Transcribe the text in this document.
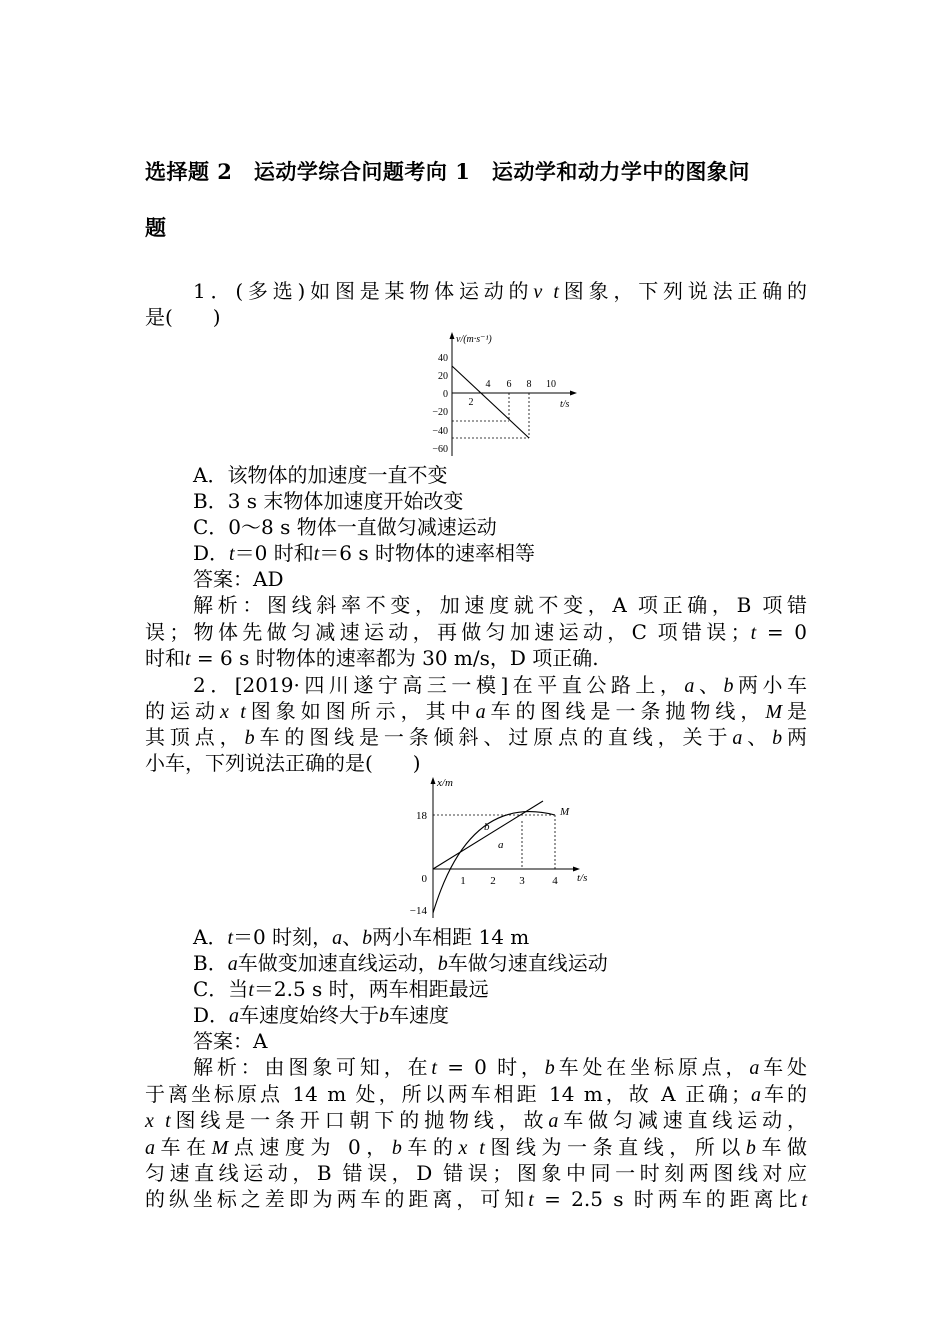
选择题 2　运动学综合问题考向 1　运动学和动力学中的图象问
题
1．(多选)如图是某物体运动的v t图象，下列说法正确的
是(　　)
v/(m·s⁻¹)
t/s
40
20
0
−20
−40
−60
4 6 8 10
2
A．该物体的加速度一直不变
B．3 s 末物体加速度开始改变
C．0～8 s 物体一直做匀减速运动
D．t＝0 时和t＝6 s 时物体的速率相等
答案：AD
解析：图线斜率不变，加速度就不变，A 项正确，B 项错
误；物体先做匀减速运动，再做匀加速运动，C 项错误；t = 0
时和t = 6 s 时物体的速率都为 30 m/s，D 项正确.
2．[2019·四川遂宁高三一模]在平直公路上，a、b两小车
的运动x t图象如图所示，其中a车的图线是一条抛物线，M是
其顶点，b车的图线是一条倾斜、过原点的直线，关于a、b两
小车，下列说法正确的是(　　)
x/m
t/s
18
0
−14
1 2 3	4
b
a
M
A．t＝0 时刻，a、b两小车相距 14 m
B．a车做变加速直线运动，b车做匀速直线运动
C．当t＝2.5 s 时，两车相距最远
D．a车速度始终大于b车速度
答案：A
解析：由图象可知，在t = 0 时，b车处在坐标原点，a车处
于离坐标原点 14 m 处，所以两车相距 14 m，故 A 正确；a车的
x t图线是一条开口朝下的抛物线，故a车做匀减速直线运动，
a车在M点速度为 0，b车的x t图线为一条直线，所以b车做
匀速直线运动，B 错误，D 错误；图象中同一时刻两图线对应
的纵坐标之差即为两车的距离，可知t = 2.5 s 时两车的距离比t
